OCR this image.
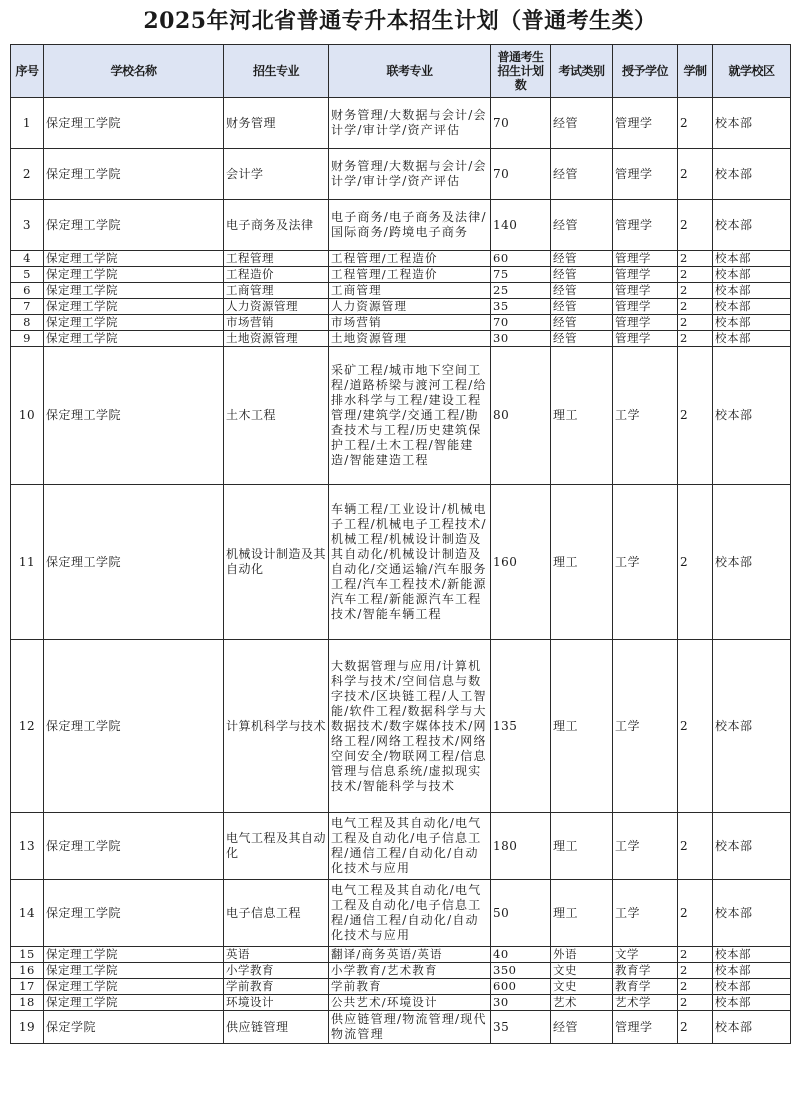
2025年河北省普通专升本招生计划（普通考生类）
序号	学校名称	招生专业	联考专业	普通考生招生计划数	考试类别	授予学位	学制	就学校区
1	保定理工学院	财务管理	财务管理/大数据与会计/会计学/审计学/资产评估	70	经管	管理学	2	校本部
2	保定理工学院	会计学	财务管理/大数据与会计/会计学/审计学/资产评估	70	经管	管理学	2	校本部
3	保定理工学院	电子商务及法律	电子商务/电子商务及法律/国际商务/跨境电子商务	140	经管	管理学	2	校本部
4	保定理工学院	工程管理	工程管理/工程造价	60	经管	管理学	2	校本部
5	保定理工学院	工程造价	工程管理/工程造价	75	经管	管理学	2	校本部
6	保定理工学院	工商管理	工商管理	25	经管	管理学	2	校本部
7	保定理工学院	人力资源管理	人力资源管理	35	经管	管理学	2	校本部
8	保定理工学院	市场营销	市场营销	70	经管	管理学	2	校本部
9	保定理工学院	土地资源管理	土地资源管理	30	经管	管理学	2	校本部
10	保定理工学院	土木工程	采矿工程/城市地下空间工程/道路桥梁与渡河工程/给排水科学与工程/建设工程管理/建筑学/交通工程/勘查技术与工程/历史建筑保护工程/土木工程/智能建造/智能建造工程	80	理工	工学	2	校本部
11	保定理工学院	机械设计制造及其自动化	车辆工程/工业设计/机械电子工程/机械电子工程技术/机械工程/机械设计制造及其自动化/机械设计制造及自动化/交通运输/汽车服务工程/汽车工程技术/新能源汽车工程/新能源汽车工程技术/智能车辆工程	160	理工	工学	2	校本部
12	保定理工学院	计算机科学与技术	大数据管理与应用/计算机科学与技术/空间信息与数字技术/区块链工程/人工智能/软件工程/数据科学与大数据技术/数字媒体技术/网络工程/网络工程技术/网络空间安全/物联网工程/信息管理与信息系统/虚拟现实技术/智能科学与技术	135	理工	工学	2	校本部
13	保定理工学院	电气工程及其自动化	电气工程及其自动化/电气工程及自动化/电子信息工程/通信工程/自动化/自动化技术与应用	180	理工	工学	2	校本部
14	保定理工学院	电子信息工程	电气工程及其自动化/电气工程及自动化/电子信息工程/通信工程/自动化/自动化技术与应用	50	理工	工学	2	校本部
15	保定理工学院	英语	翻译/商务英语/英语	40	外语	文学	2	校本部
16	保定理工学院	小学教育	小学教育/艺术教育	350	文史	教育学	2	校本部
17	保定理工学院	学前教育	学前教育	600	文史	教育学	2	校本部
18	保定理工学院	环境设计	公共艺术/环境设计	30	艺术	艺术学	2	校本部
19	保定学院	供应链管理	供应链管理/物流管理/现代物流管理	35	经管	管理学	2	校本部
